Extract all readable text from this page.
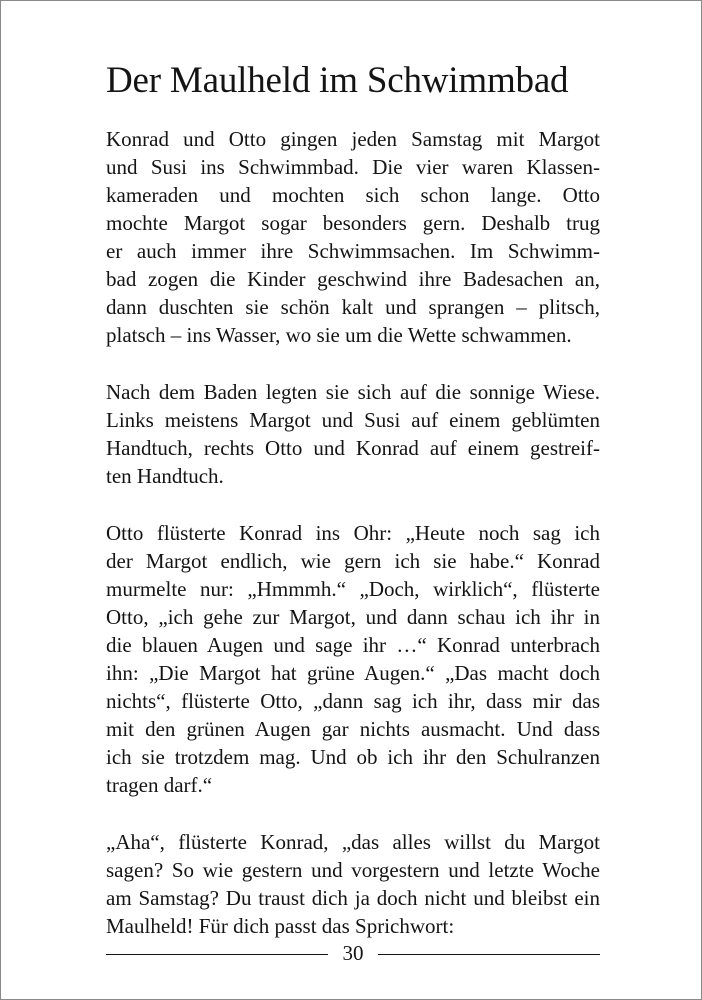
Der Maulheld im Schwimmbad

Konrad und Otto gingen jeden Samstag mit Margot
und Susi ins Schwimmbad. Die vier waren Klassen-
kameraden und mochten sich schon lange. Otto
mochte Margot sogar besonders gern. Deshalb trug
er auch immer ihre Schwimmsachen. Im Schwimm-
bad zogen die Kinder geschwind ihre Badesachen an,
dann duschten sie schön kalt und sprangen – plitsch,
platsch – ins Wasser, wo sie um die Wette schwammen.

Nach dem Baden legten sie sich auf die sonnige Wiese.
Links meistens Margot und Susi auf einem geblümten
Handtuch, rechts Otto und Konrad auf einem gestreif-
ten Handtuch.

Otto flüsterte Konrad ins Ohr: „Heute noch sag ich
der Margot endlich, wie gern ich sie habe.“ Konrad
murmelte nur: „Hmmmh.“ „Doch, wirklich“, flüsterte
Otto, „ich gehe zur Margot, und dann schau ich ihr in
die blauen Augen und sage ihr …“ Konrad unterbrach
ihn: „Die Margot hat grüne Augen.“ „Das macht doch
nichts“, flüsterte Otto, „dann sag ich ihr, dass mir das
mit den grünen Augen gar nichts ausmacht. Und dass
ich sie trotzdem mag. Und ob ich ihr den Schulranzen
tragen darf.“

„Aha“, flüsterte Konrad, „das alles willst du Margot
sagen? So wie gestern und vorgestern und letzte Woche
am Samstag? Du traust dich ja doch nicht und bleibst ein
Maulheld! Für dich passt das Sprichwort:

30
